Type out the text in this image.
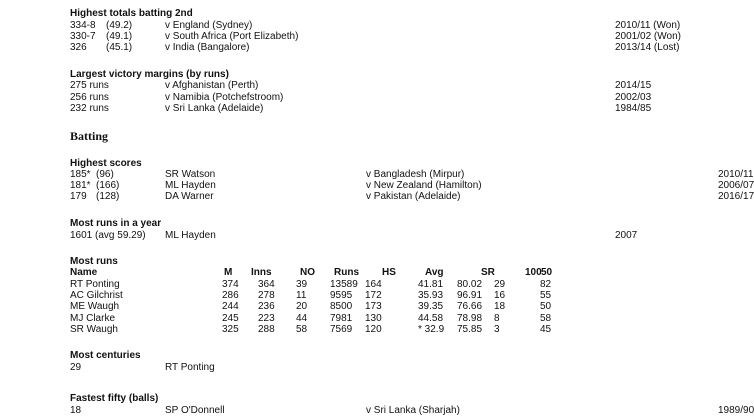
Highest totals batting 2nd
334-8 (49.2)	v England (Sydney)	2010/11 (Won)
330-7 (49.1)	v South Africa (Port Elizabeth)	2001/02 (Won)
326 (45.1)	v India (Bangalore)	2013/14 (Lost)
Largest victory margins (by runs)
275 runs	v Afghanistan (Perth)	2014/15
256 runs	v Namibia (Potchefstroom)	2002/03
232 runs	v Sri Lanka (Adelaide)	1984/85
Batting
Highest scores
185* (96)	SR Watson	v Bangladesh (Mirpur)	2010/11
181* (166)	ML Hayden	v New Zealand (Hamilton)	2006/07
179 (128)	DA Warner	v Pakistan (Adelaide)	2016/17
Most runs in a year
1601 (avg 59.29) ML Hayden	2007
Most runs
Name	M Inns	NO Runs HS	Avg	SR	100 50
RT Ponting	374 364 39 13589 164	41.81 80.02 29	82
AC Gilchrist	286 278 11 9595 172	35.93 96.91 16	55
ME Waugh	244 236 20 8500 173	39.35 76.66 18	50
MJ Clarke	245 223 44 7981 130	44.58 78.98 8	58
SR Waugh	325 288 58 7569 120	* 32.9 75.85 3	45
Most centuries
29	RT Ponting
Fastest fifty (balls)
18	SP O'Donnell	v Sri Lanka (Sharjah)	1989/90
